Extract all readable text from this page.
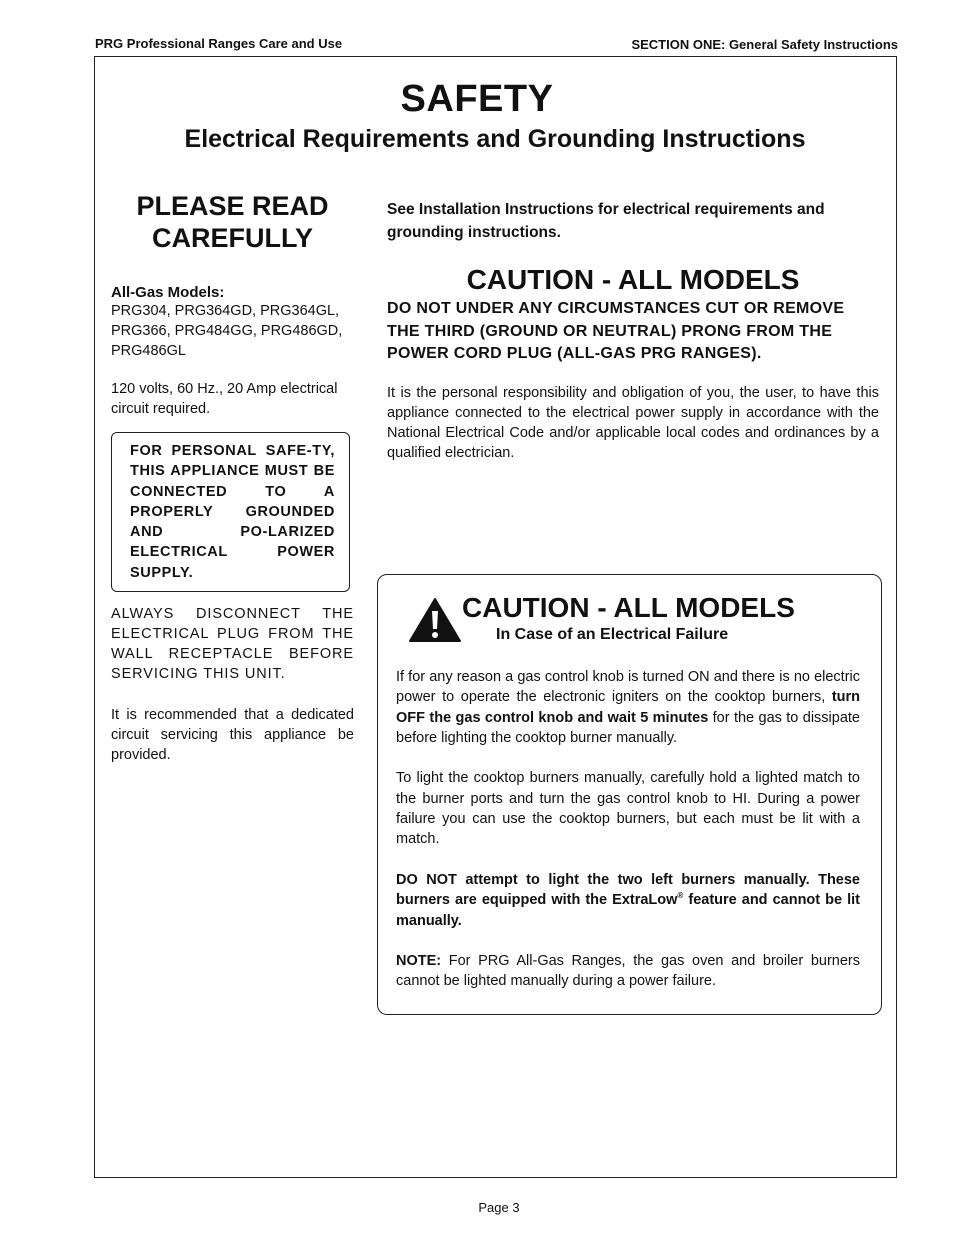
PRG Professional Ranges Care and Use	SECTION ONE: General Safety Instructions
SAFETY
Electrical Requirements and Grounding Instructions

PLEASE READ CAREFULLY

All-Gas Models:
PRG304, PRG364GD, PRG364GL, PRG366, PRG484GG, PRG486GD, PRG486GL
120 volts, 60 Hz., 20 Amp electrical circuit required.
FOR PERSONAL SAFE-TY, THIS APPLIANCE MUST BE CONNECTED TO A PROPERLY GROUNDED AND PO-LARIZED ELECTRICAL POWER SUPPLY.
ALWAYS DISCONNECT THE ELECTRICAL PLUG FROM THE WALL RECEPTACLE BEFORE SERVICING THIS UNIT.
It is recommended that a dedicated circuit servicing this appliance be provided.

See Installation Instructions for electrical requirements and grounding instructions.

CAUTION - ALL MODELS
DO NOT UNDER ANY CIRCUMSTANCES CUT OR REMOVE THE THIRD (GROUND OR NEUTRAL) PRONG FROM THE POWER CORD PLUG (ALL-GAS PRG RANGES).
It is the personal responsibility and obligation of you, the user, to have this appliance connected to the electrical power supply in accordance with the National Electrical Code and/or applicable local codes and ordinances by a qualified electrician.
CAUTION - ALL MODELS
In Case of an Electrical Failure

If for any reason a gas control knob is turned ON and there is no electric power to operate the electronic igniters on the cooktop burners, turn OFF the gas control knob and wait 5 minutes for the gas to dissipate before lighting the cooktop burner manually.

To light the cooktop burners manually, carefully hold a lighted match to the burner ports and turn the gas control knob to HI. During a power failure you can use the cooktop burners, but each must be lit with a match.

DO NOT attempt to light the two left burners manually. These burners are equipped with the ExtraLow® feature and cannot be lit manually.

NOTE: For PRG All-Gas Ranges, the gas oven and broiler burners cannot be lighted manually during a power failure.

Page 3
